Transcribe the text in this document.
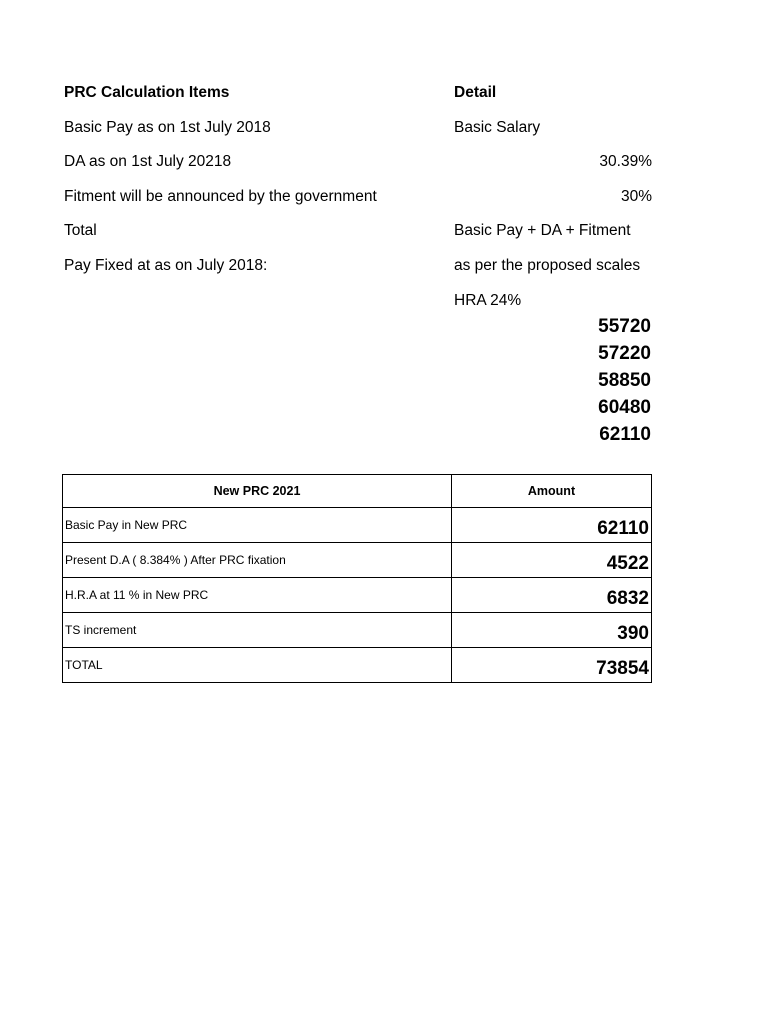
PRC Calculation Items	Detail
Basic Pay as on 1st July 2018	Basic Salary
DA as on 1st July 20218	30.39%
Fitment will be announced by the government	30%
Total	Basic Pay + DA + Fitment
Pay Fixed at as on July 2018:	as per the proposed scales
HRA 24%
55720
57220
58850
60480
62110
New PRC 2021	Amount
Basic Pay in New PRC	62110
Present D.A ( 8.384% ) After PRC fixation	4522
H.R.A at 11 % in New PRC	6832
TS increment	390
TOTAL	73854
